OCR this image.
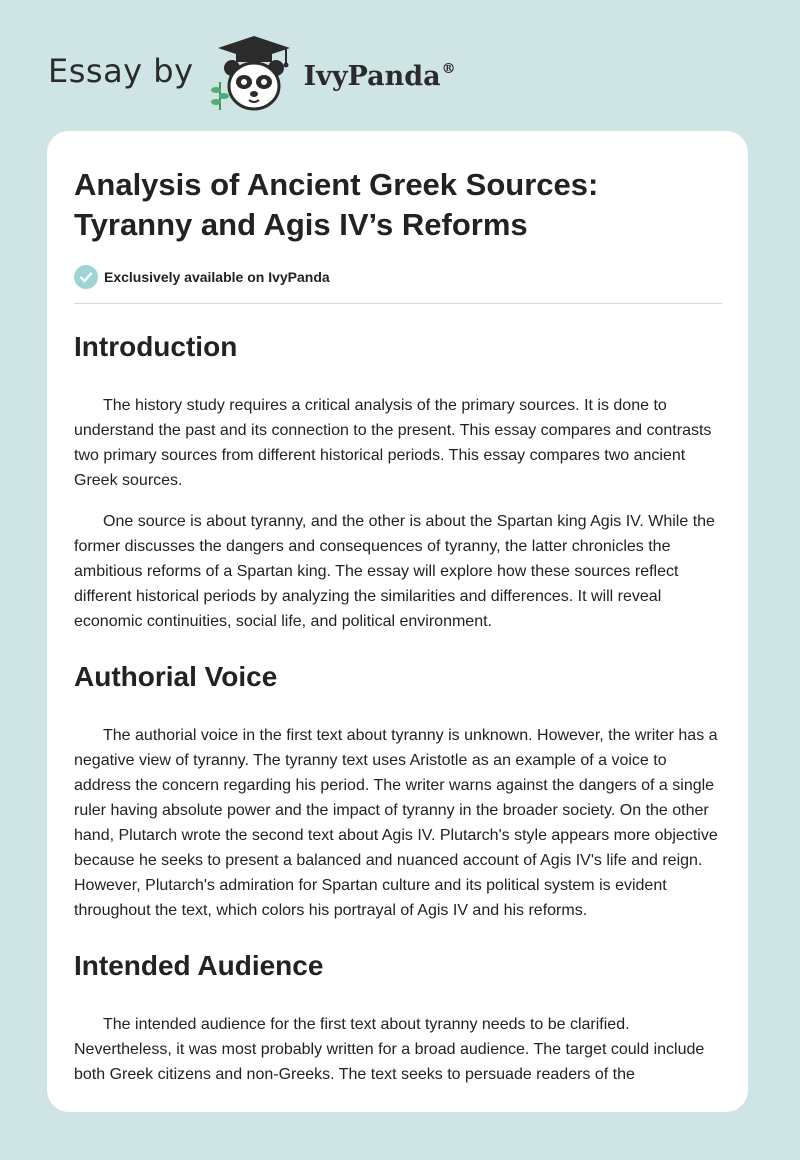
Essay by	IvyPanda®
Analysis of Ancient Greek Sources:
Tyranny and Agis IV’s Reforms
Exclusively available on IvyPanda
Introduction

The history study requires a critical analysis of the primary sources. It is done to understand the past and its connection to the present. This essay compares and contrasts two primary sources from different historical periods. This essay compares two ancient Greek sources.

One source is about tyranny, and the other is about the Spartan king Agis IV. While the former discusses the dangers and consequences of tyranny, the latter chronicles the ambitious reforms of a Spartan king. The essay will explore how these sources reflect different historical periods by analyzing the similarities and differences. It will reveal economic continuities, social life, and political environment.

Authorial Voice

The authorial voice in the first text about tyranny is unknown. However, the writer has a negative view of tyranny. The tyranny text uses Aristotle as an example of a voice to address the concern regarding his period. The writer warns against the dangers of a single ruler having absolute power and the impact of tyranny in the broader society. On the other hand, Plutarch wrote the second text about Agis IV. Plutarch's style appears more objective because he seeks to present a balanced and nuanced account of Agis IV's life and reign. However, Plutarch's admiration for Spartan culture and its political system is evident throughout the text, which colors his portrayal of Agis IV and his reforms.

Intended Audience

The intended audience for the first text about tyranny needs to be clarified. Nevertheless, it was most probably written for a broad audience. The target could include both Greek citizens and non-Greeks. The text seeks to persuade readers of the
